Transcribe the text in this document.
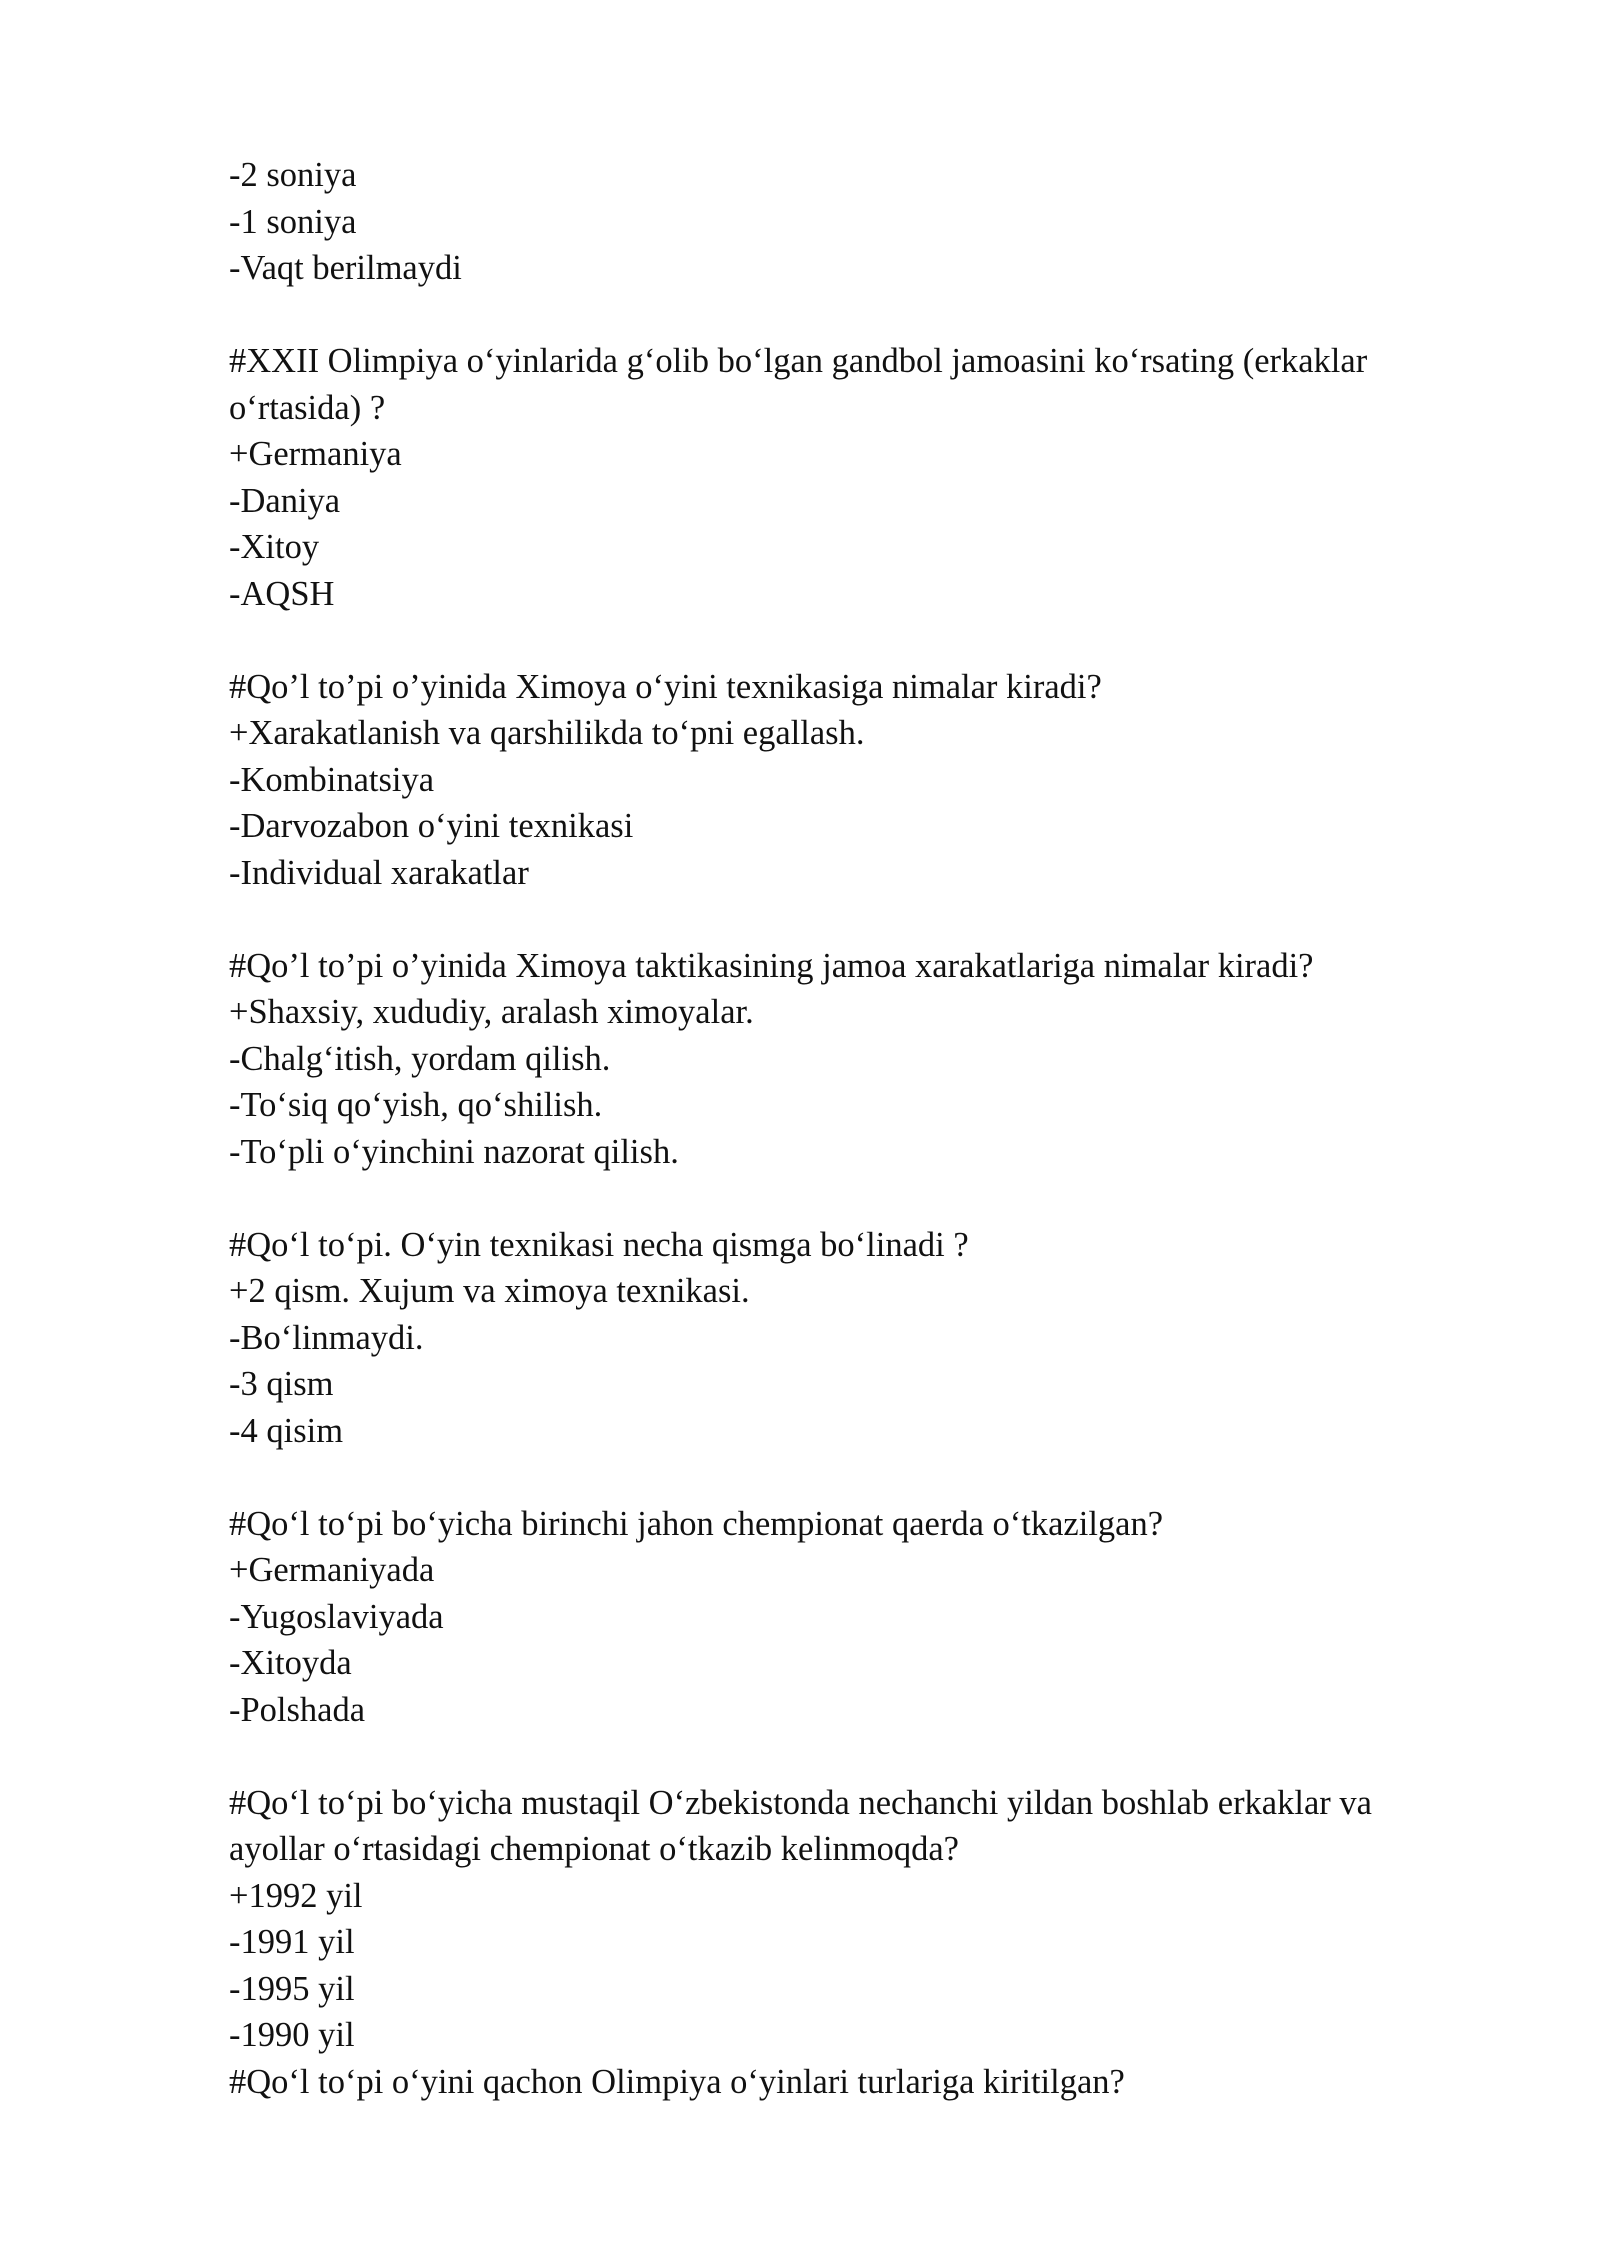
-2 soniya
-1 soniya
-Vaqt berilmaydi
#XXII Olimpiya o‘yinlarida g‘olib bo‘lgan gandbol jamoasini ko‘rsating (erkaklar o‘rtasida) ?
+Germaniya
-Daniya
-Xitoy
-AQSH
#Qo’l to’pi o’yinida Ximoya o‘yini texnikasiga nimalar kiradi?
+Xarakatlanish va qarshilikda to‘pni egallash.
-Kombinatsiya
-Darvozabon o‘yini texnikasi
-Individual xarakatlar
#Qo’l to’pi o’yinida Ximoya taktikasining jamoa xarakatlariga nimalar kiradi?
+Shaxsiy, xududiy, aralash ximoyalar.
-Chalg‘itish, yordam qilish.
-To‘siq qo‘yish, qo‘shilish.
-To‘pli o‘yinchini nazorat qilish.
#Qo‘l to‘pi. O‘yin texnikasi necha qismga bo‘linadi ?
+2 qism. Xujum va ximoya texnikasi.
-Bo‘linmaydi.
-3 qism
-4 qisim
#Qo‘l to‘pi bo‘yicha birinchi jahon chempionat qaerda o‘tkazilgan?
+Germaniyada
-Yugoslaviyada
-Xitoyda
-Polshada
#Qo‘l to‘pi bo‘yicha mustaqil O‘zbekistonda nechanchi yildan boshlab erkaklar va
ayollar o‘rtasidagi chempionat o‘tkazib kelinmoqda?
+1992 yil
-1991 yil
-1995 yil
-1990 yil
#Qo‘l to‘pi o‘yini qachon Olimpiya o‘yinlari turlariga kiritilgan?
